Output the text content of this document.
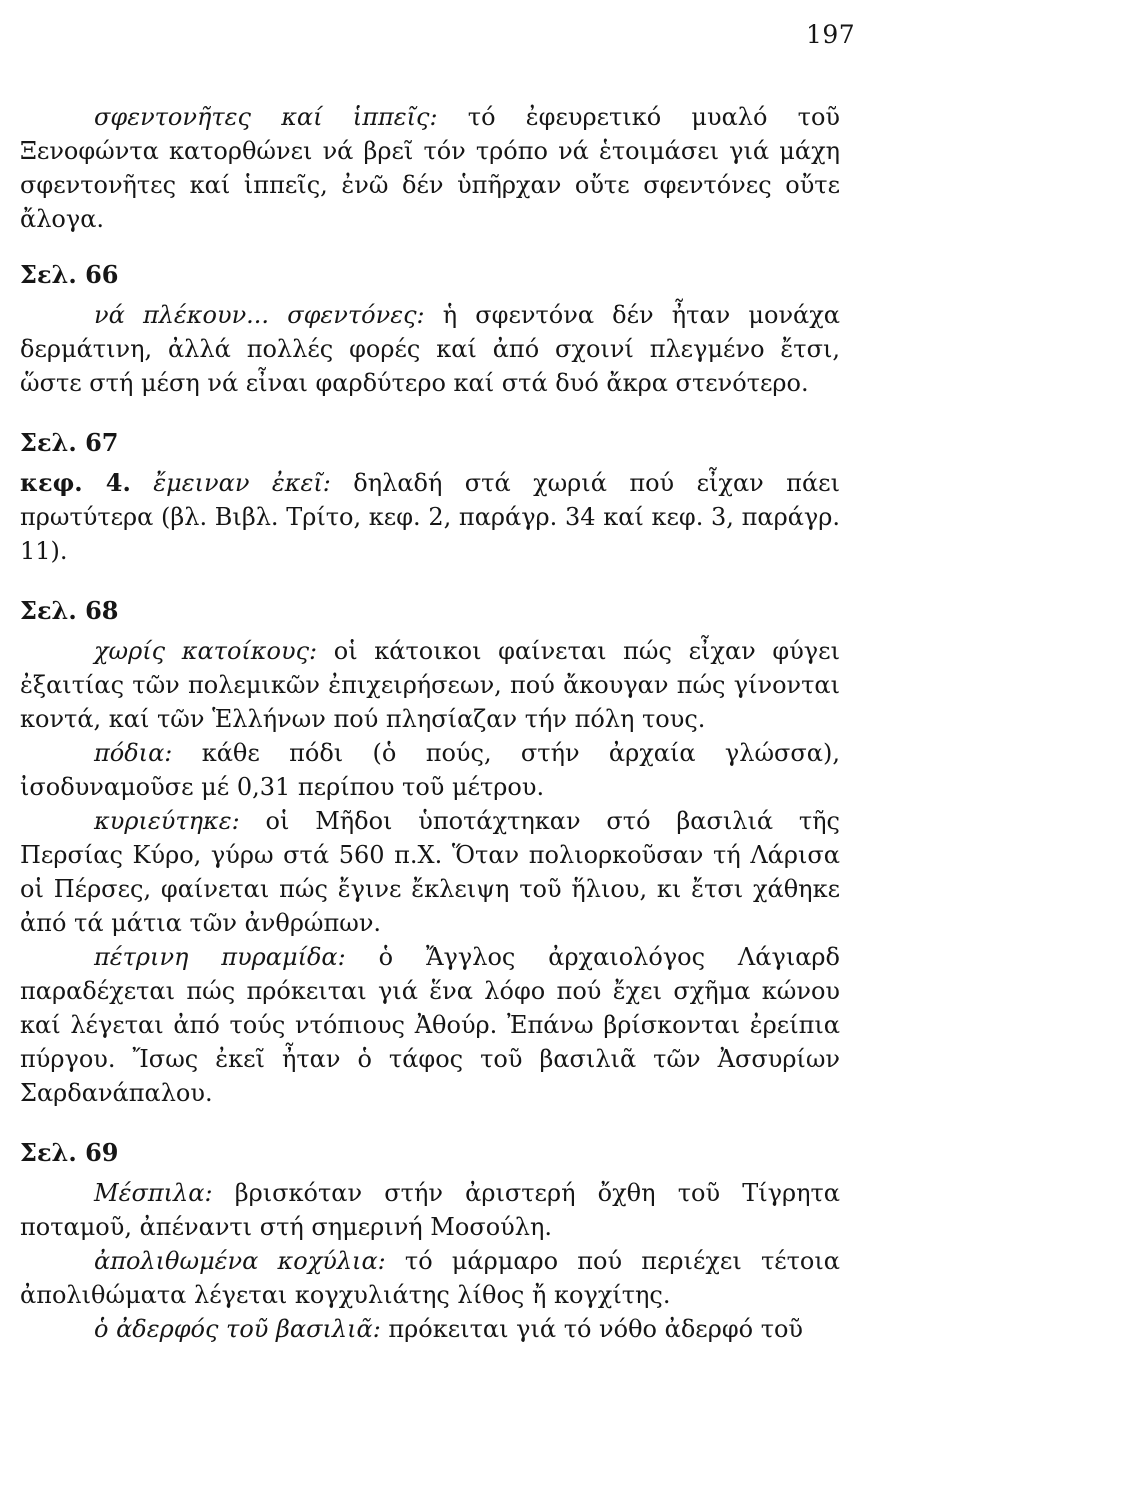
197

σφεντονῆτες καί ἱππεῖς: τό ἐφευρετικό μυαλό τοῦ Ξενοφώντα κατορθώνει νά βρεῖ τόν τρόπο νά ἑτοιμάσει γιά μάχη σφεντονῆτες καί ἱππεῖς, ἐνῶ δέν ὑπῆρχαν οὔτε σφεντόνες οὔτε ἄλογα.

Σελ. 66

νά πλέκουν... σφεντόνες: ἡ σφεντόνα δέν ἦταν μονάχα δερμάτινη, ἀλλά πολλές φορές καί ἀπό σχοινί πλεγμένο ἔτσι, ὥστε στή μέση νά εἶναι φαρδύτερο καί στά δυό ἄκρα στενότερο.

Σελ. 67

κεφ. 4. ἔμειναν ἐκεῖ: δηλαδή στά χωριά πού εἶχαν πάει πρωτύτερα (βλ. Βιβλ. Τρίτο, κεφ. 2, παράγρ. 34 καί κεφ. 3, παράγρ. 11).

Σελ. 68

χωρίς κατοίκους: οἱ κάτοικοι φαίνεται πώς εἶχαν φύγει ἐξαιτίας τῶν πολεμικῶν ἐπιχειρήσεων, πού ἄκουγαν πώς γίνονται κοντά, καί τῶν Ἑλλήνων πού πλησίαζαν τήν πόλη τους.

πόδια: κάθε πόδι (ὁ πούς, στήν ἀρχαία γλώσσα), ἰσοδυναμοῦσε μέ 0,31 περίπου τοῦ μέτρου.

κυριεύτηκε: οἱ Μῆδοι ὑποτάχτηκαν στό βασιλιά τῆς Περσίας Κύρο, γύρω στά 560 π.Χ. Ὅταν πολιορκοῦσαν τή Λάρισα οἱ Πέρσες, φαίνεται πώς ἔγινε ἔκλειψη τοῦ ἥλιου, κι ἔτσι χάθηκε ἀπό τά μάτια τῶν ἀνθρώπων.

πέτρινη πυραμίδα: ὁ Ἄγγλος ἀρχαιολόγος Λάγιαρδ παραδέχεται πώς πρόκειται γιά ἕνα λόφο πού ἔχει σχῆμα κώνου καί λέγεται ἀπό τούς ντόπιους Ἀθούρ. Ἐπάνω βρίσκονται ἐρείπια πύργου. Ἴσως ἐκεῖ ἦταν ὁ τάφος τοῦ βασιλιᾶ τῶν Ἀσσυρίων Σαρδανάπαλου.

Σελ. 69

Μέσπιλα: βρισκόταν στήν ἀριστερή ὄχθη τοῦ Τίγρητα ποταμοῦ, ἀπέναντι στή σημερινή Μοσούλη.

ἀπολιθωμένα κοχύλια: τό μάρμαρο πού περιέχει τέτοια ἀπολιθώματα λέγεται κογχυλιάτης λίθος ἤ κογχίτης.

ὁ ἀδερφός τοῦ βασιλιᾶ: πρόκειται γιά τό νόθο ἀδερφό τοῦ
